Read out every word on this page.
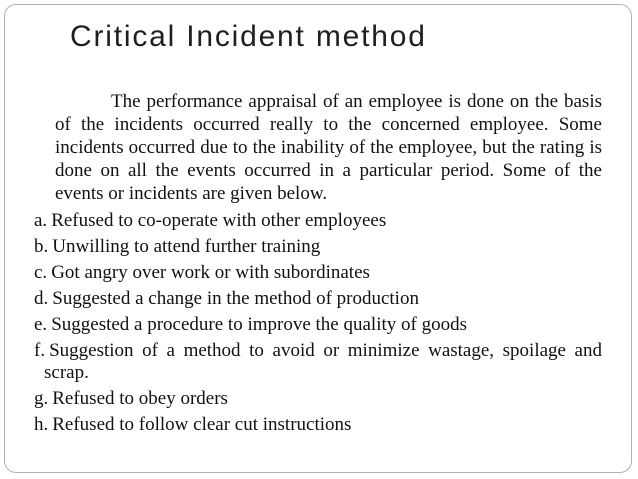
Critical Incident method

The performance appraisal of an employee is done on the basis of the incidents occurred really to the concerned employee. Some incidents occurred due to the inability of the employee, but the rating is done on all the events occurred in a particular period. Some of the events or incidents are given below.

a. Refused to co-operate with other employees
b. Unwilling to attend further training
c. Got angry over work or with subordinates
d. Suggested a change in the method of production
e. Suggested a procedure to improve the quality of goods
f. Suggestion of a method to avoid or minimize wastage, spoilage and scrap.
g. Refused to obey orders
h. Refused to follow clear cut instructions
